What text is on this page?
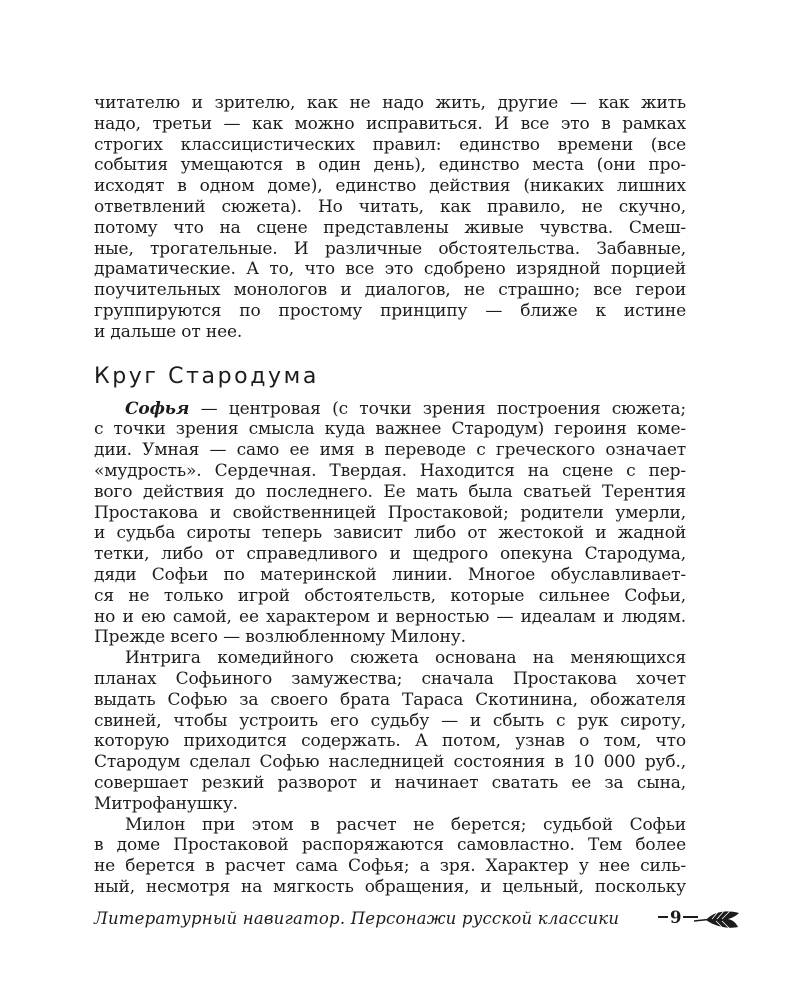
читателю и зрителю, как не надо жить, другие — как жить
надо, третьи — как можно исправиться. И все это в рамках
строгих классицистических правил: единство времени (все
события умещаются в один день), единство места (они про-
исходят в одном доме), единство действия (никаких лишних
ответвлений сюжета). Но читать, как правило, не скучно,
потому что на сцене представлены живые чувства. Смеш-
ные, трогательные. И различные обстоятельства. Забавные,
драматические. А то, что все это сдобрено изрядной порцией
поучительных монологов и диалогов, не страшно; все герои
группируются по простому принципу — ближе к истине
и дальше от нее.
Круг Стародума
Софья — центровая (с точки зрения построения сюжета;
с точки зрения смысла куда важнее Стародум) героиня коме-
дии. Умная — само ее имя в переводе с греческого означает
«мудрость». Сердечная. Твердая. Находится на сцене с пер-
вого действия до последнего. Ее мать была сватьей Терентия
Простакова и свойственницей Простаковой; родители умерли,
и судьба сироты теперь зависит либо от жестокой и жадной
тетки, либо от справедливого и щедрого опекуна Стародума,
дяди Софьи по материнской линии. Многое обуславливает-
ся не только игрой обстоятельств, которые сильнее Софьи,
но и ею самой, ее характером и верностью — идеалам и людям.
Прежде всего — возлюбленному Милону.
Интрига комедийного сюжета основана на меняющихся
планах Софьиного замужества; сначала Простакова хочет
выдать Софью за своего брата Тараса Скотинина, обожателя
свиней, чтобы устроить его судьбу — и сбыть с рук сироту,
которую приходится содержать. А потом, узнав о том, что
Стародум сделал Софью наследницей состояния в 10 000 руб.,
совершает резкий разворот и начинает сватать ее за сына,
Митрофанушку.
Милон при этом в расчет не берется; судьбой Софьи
в доме Простаковой распоряжаются самовластно. Тем более
не берется в расчет сама Софья; а зря. Характер у нее силь-
ный, несмотря на мягкость обращения, и цельный, поскольку
Литературный навигатор. Персонажи русской классики	9
